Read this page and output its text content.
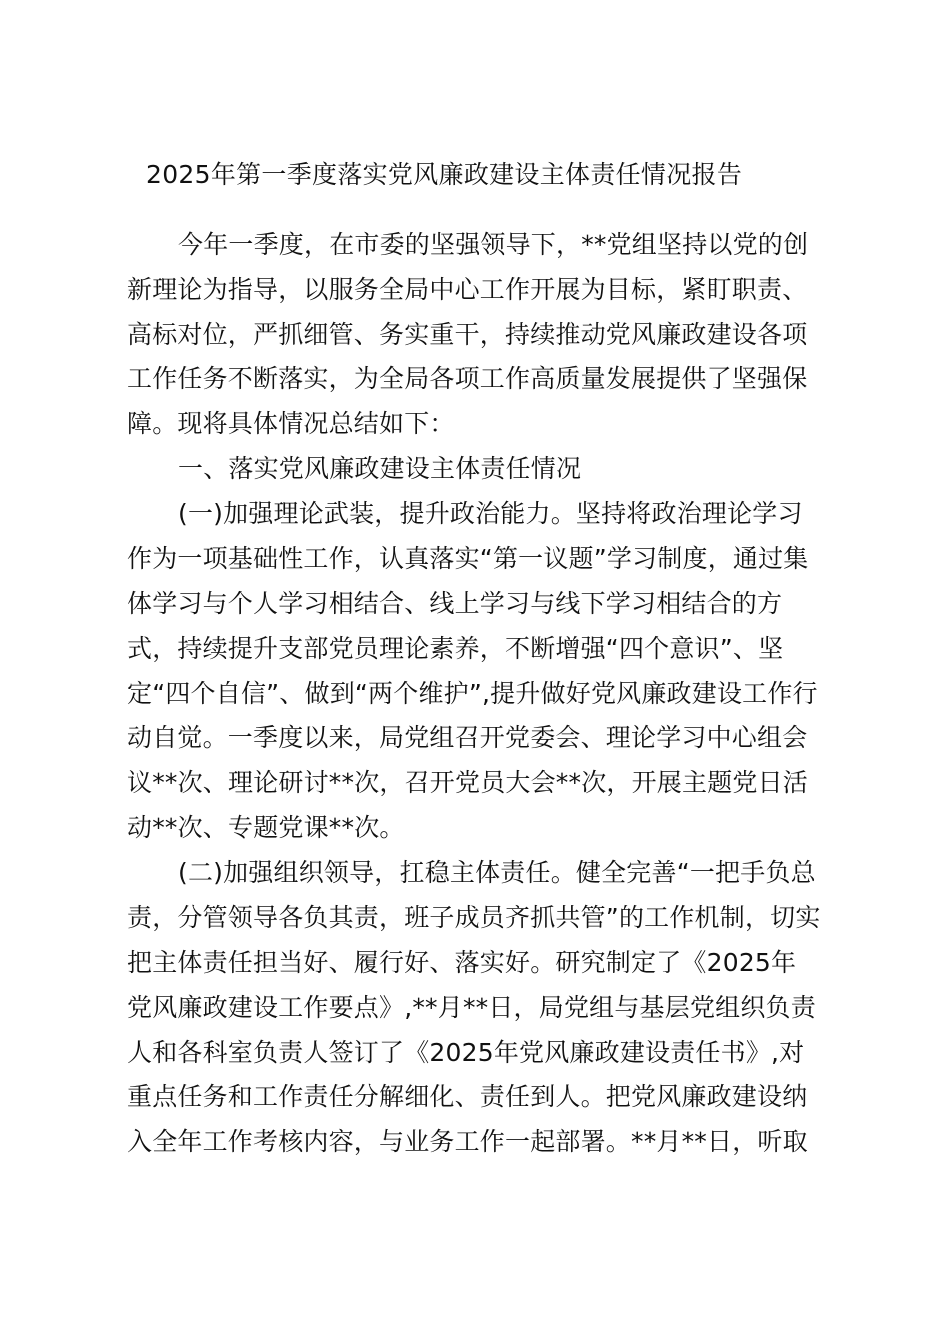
2025年第一季度落实党风廉政建设主体责任情况报告
今年一季度，在市委的坚强领导下，**党组坚持以党的创
新理论为指导，以服务全局中心工作开展为目标，紧盯职责、
高标对位，严抓细管、务实重干，持续推动党风廉政建设各项
工作任务不断落实，为全局各项工作高质量发展提供了坚强保
障。现将具体情况总结如下：
一、落实党风廉政建设主体责任情况
(一)加强理论武装，提升政治能力。坚持将政治理论学习
作为一项基础性工作，认真落实“第一议题”学习制度，通过集
体学习与个人学习相结合、线上学习与线下学习相结合的方
式，持续提升支部党员理论素养，不断增强“四个意识”、坚
定“四个自信”、做到“两个维护”,提升做好党风廉政建设工作行
动自觉。一季度以来，局党组召开党委会、理论学习中心组会
议**次、理论研讨**次，召开党员大会**次，开展主题党日活
动**次、专题党课**次。
(二)加强组织领导，扛稳主体责任。健全完善“一把手负总
责，分管领导各负其责，班子成员齐抓共管”的工作机制，切实
把主体责任担当好、履行好、落实好。研究制定了《2025年
党风廉政建设工作要点》,**月**日，局党组与基层党组织负责
人和各科室负责人签订了《2025年党风廉政建设责任书》,对
重点任务和工作责任分解细化、责任到人。把党风廉政建设纳
入全年工作考核内容，与业务工作一起部署。**月**日，听取
